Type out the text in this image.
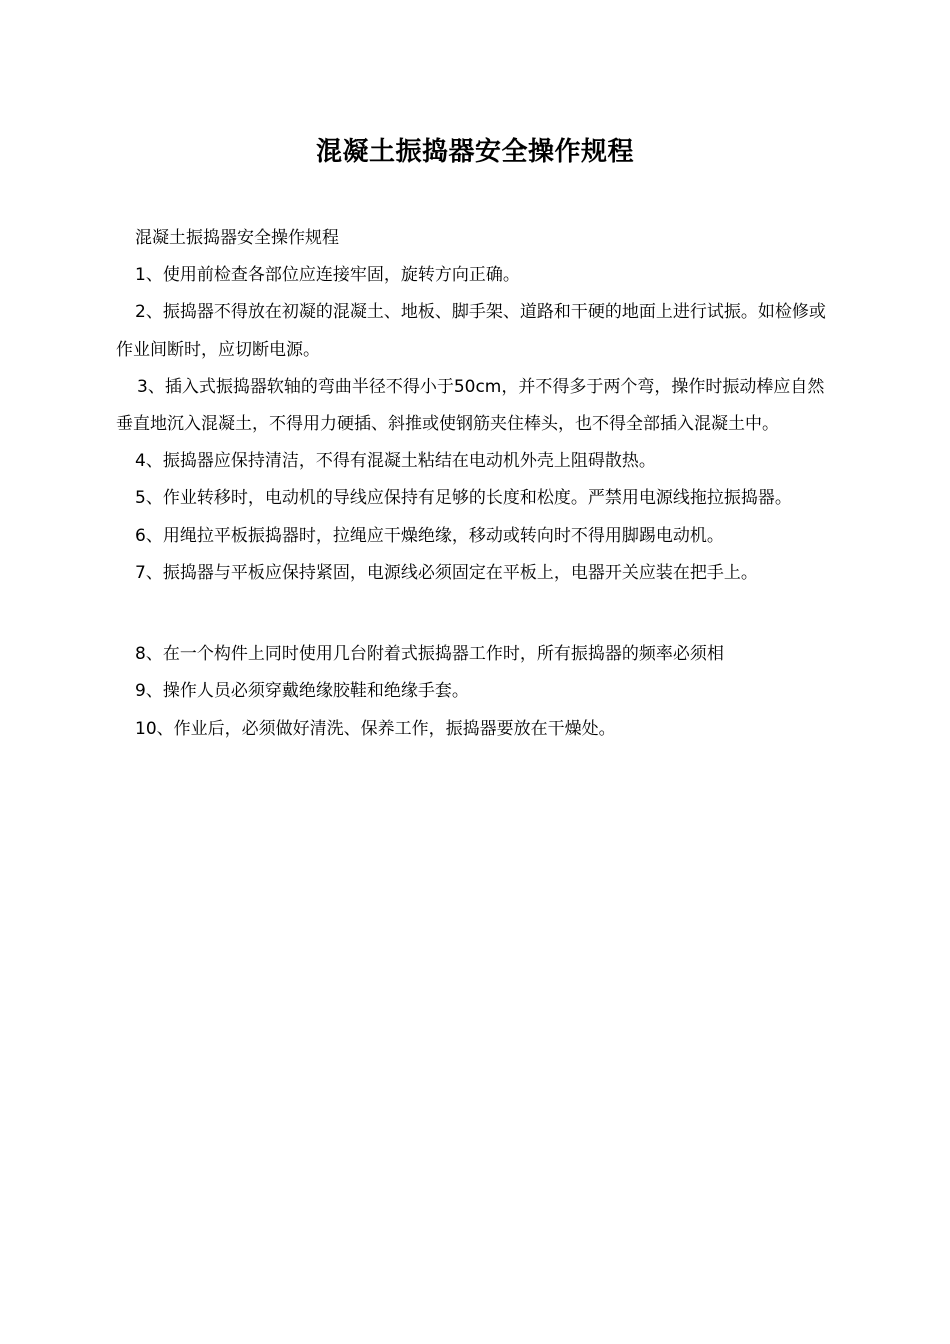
混凝土振捣器安全操作规程

混凝土振捣器安全操作规程

1、使用前检查各部位应连接牢固，旋转方向正确。

2、振捣器不得放在初凝的混凝土、地板、脚手架、道路和干硬的地面上进行试振。如检修或作业间断时，应切断电源。

3、插入式振捣器软轴的弯曲半径不得小于50cm，并不得多于两个弯，操作时振动棒应自然垂直地沉入混凝土，不得用力硬插、斜推或使钢筋夹住棒头，也不得全部插入混凝土中。

4、振捣器应保持清洁，不得有混凝土粘结在电动机外壳上阻碍散热。

5、作业转移时，电动机的导线应保持有足够的长度和松度。严禁用电源线拖拉振捣器。

6、用绳拉平板振捣器时，拉绳应干燥绝缘，移动或转向时不得用脚踢电动机。

7、振捣器与平板应保持紧固，电源线必须固定在平板上，电器开关应装在把手上。

8、在一个构件上同时使用几台附着式振捣器工作时，所有振捣器的频率必须相

9、操作人员必须穿戴绝缘胶鞋和绝缘手套。

10、作业后，必须做好清洗、保养工作，振捣器要放在干燥处。
